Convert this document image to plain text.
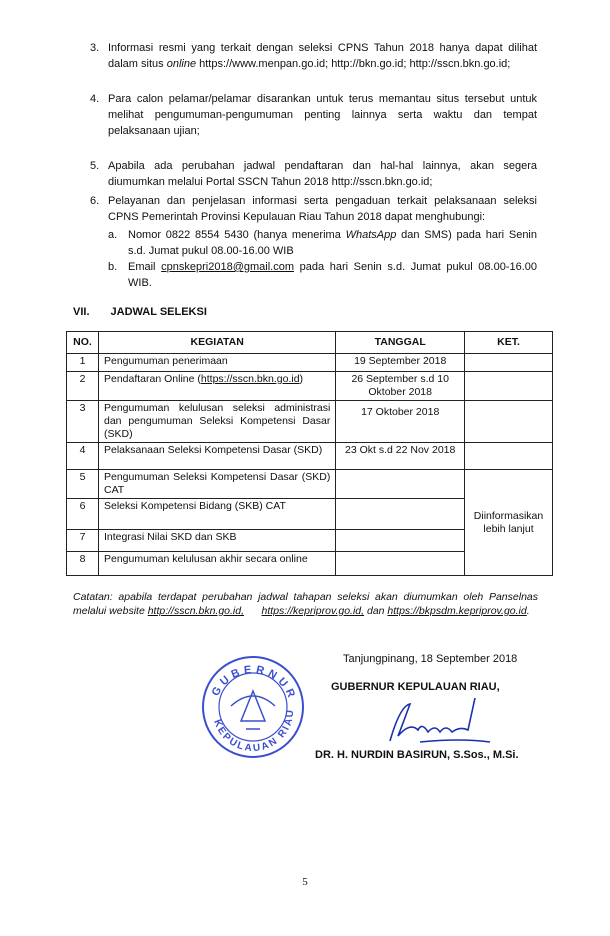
3. Informasi resmi yang terkait dengan seleksi CPNS Tahun 2018 hanya dapat dilihat dalam situs online https://www.menpan.go.id; http://bkn.go.id; http://sscn.bkn.go.id;
4. Para calon pelamar/pelamar disarankan untuk terus memantau situs tersebut untuk melihat pengumuman-pengumuman penting lainnya serta waktu dan tempat pelaksanaan ujian;
5. Apabila ada perubahan jadwal pendaftaran dan hal-hal lainnya, akan segera diumumkan melalui Portal SSCN Tahun 2018 http://sscn.bkn.go.id;
6. Pelayanan dan penjelasan informasi serta pengaduan terkait pelaksanaan seleksi CPNS Pemerintah Provinsi Kepulauan Riau Tahun 2018 dapat menghubungi:
a. Nomor 0822 8554 5430 (hanya menerima WhatsApp dan SMS) pada hari Senin s.d. Jumat pukul 08.00-16.00 WIB
b. Email cpnskepri2018@gmail.com pada hari Senin s.d. Jumat pukul 08.00-16.00 WIB.
VII. JADWAL SELEKSI
NO.	KEGIATAN	TANGGAL	KET.
1	Pengumuman penerimaan	19 September 2018	
2	Pendaftaran Online (https://sscn.bkn.go.id)	26 September s.d 10 Oktober 2018	
3	Pengumuman kelulusan seleksi administrasi dan pengumuman Seleksi Kompetensi Dasar (SKD)	17 Oktober 2018	
4	Pelaksanaan Seleksi Kompetensi Dasar (SKD)	23 Okt s.d 22 Nov 2018	
5	Pengumuman Seleksi Kompetensi Dasar (SKD) CAT		Diinformasikan lebih lanjut
6	Seleksi Kompetensi Bidang (SKB) CAT		
7	Integrasi Nilai SKD dan SKB		
8	Pengumuman kelulusan akhir secara online		
Catatan: apabila terdapat perubahan jadwal tahapan seleksi akan diumumkan oleh Panselnas melalui website http://sscn.bkn.go.id, https://kepriprov.go.id, dan https://bkpsdm.kepriprov.go.id.
GUBERNUR
KEPULAUAN RIAU
Tanjungpinang, 18 September 2018
GUBERNUR KEPULAUAN RIAU,
DR. H. NURDIN BASIRUN, S.Sos., M.Si.
5
